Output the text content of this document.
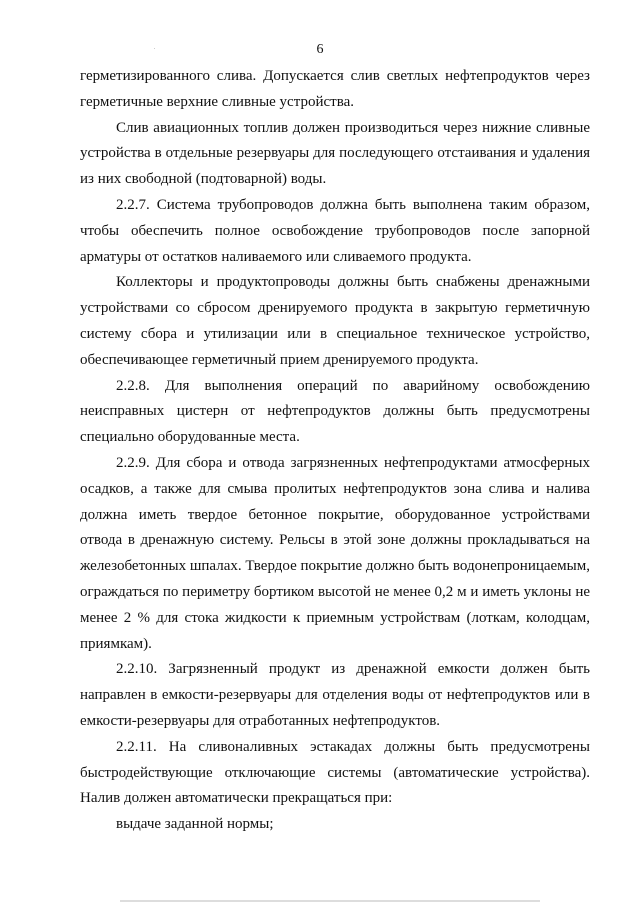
6

герметизированного слива. Допускается слив светлых нефтепродуктов через герметичные верхние сливные устройства.

Слив авиационных топлив должен производиться через нижние сливные устройства в отдельные резервуары для последующего отстаивания и удаления из них свободной (подтоварной) воды.

2.2.7. Система трубопроводов должна быть выполнена таким образом, чтобы обеспечить полное освобождение трубопроводов после запорной арматуры от остатков наливаемого или сливаемого продукта.

Коллекторы и продуктопроводы должны быть снабжены дренажными устройствами со сбросом дренируемого продукта в закрытую герметичную систему сбора и утилизации или в специальное техническое устройство, обеспечивающее герметичный прием дренируемого продукта.

2.2.8. Для выполнения операций по аварийному освобождению неисправных цистерн от нефтепродуктов должны быть предусмотрены специально оборудованные места.

2.2.9. Для сбора и отвода загрязненных нефтепродуктами атмосферных осадков, а также для смыва пролитых нефтепродуктов зона слива и налива должна иметь твердое бетонное покрытие, оборудованное устройствами отвода в дренажную систему. Рельсы в этой зоне должны прокладываться на железобетонных шпалах. Твердое покрытие должно быть водонепроницаемым, ограждаться по периметру бортиком высотой не менее 0,2 м и иметь уклоны не менее 2 % для стока жидкости к приемным устройствам (лоткам, колодцам, приямкам).

2.2.10. Загрязненный продукт из дренажной емкости должен быть направлен в емкости-резервуары для отделения воды от нефтепродуктов или в емкости-резервуары для отработанных нефтепродуктов.

2.2.11. На сливоналивных эстакадах должны быть предусмотрены быстродействующие отключающие системы (автоматические устройства). Налив должен автоматически прекращаться при:

выдаче заданной нормы;
